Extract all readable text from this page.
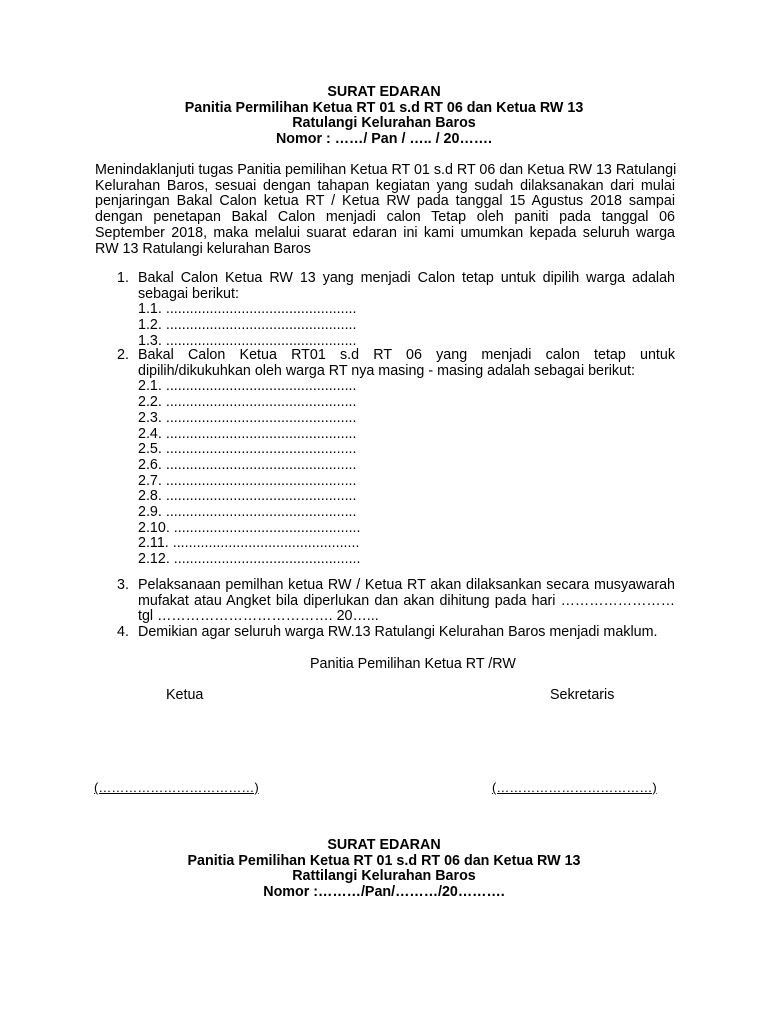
SURAT EDARAN
Panitia Permilihan Ketua RT 01 s.d RT 06 dan Ketua RW 13
Ratulangi Kelurahan Baros
Nomor : ……/ Pan / ….. / 20…….
Menindaklanjuti tugas Panitia pemilihan Ketua RT 01 s.d RT 06 dan Ketua RW 13 Ratulangi
Kelurahan Baros, sesuai dengan tahapan kegiatan yang sudah dilaksanakan dari mulai
penjaringan Bakal Calon ketua RT / Ketua RW pada tanggal 15 Agustus 2018 sampai
dengan penetapan Bakal Calon menjadi calon Tetap oleh paniti pada tanggal 06
September 2018, maka melalui suarat edaran ini kami umumkan kepada seluruh warga
RW 13 Ratulangi kelurahan Baros
1. Bakal Calon Ketua RW 13 yang menjadi Calon tetap untuk dipilih warga adalah
sebagai berikut:
1.1. ................................................
1.2. ................................................
1.3. ................................................
2. Bakal Calon Ketua RT01 s.d RT 06 yang menjadi calon tetap untuk
dipilih/dikukuhkan oleh warga RT nya masing - masing adalah sebagai berikut:
2.1. ................................................
2.2. ................................................
2.3. ................................................
2.4. ................................................
2.5. ................................................
2.6. ................................................
2.7. ................................................
2.8. ................................................
2.9. ................................................
2.10. ...............................................
2.11. ...............................................
2.12. ...............................................
3. Pelaksanaan pemilhan ketua RW / Ketua RT akan dilaksankan secara musyawarah
mufakat atau Angket bila diperlukan dan akan dihitung pada hari ……………………
tgl ………………………………. 20…...
4. Demikian agar seluruh warga RW.13 Ratulangi Kelurahan Baros menjadi maklum.
Panitia Pemilihan Ketua RT /RW
Ketua	Sekretaris
(………………………………)	(………………………………)
SURAT EDARAN
Panitia Pemilihan Ketua RT 01 s.d RT 06 dan Ketua RW 13
Rattilangi Kelurahan Baros
Nomor :………/Pan/………/20……….
